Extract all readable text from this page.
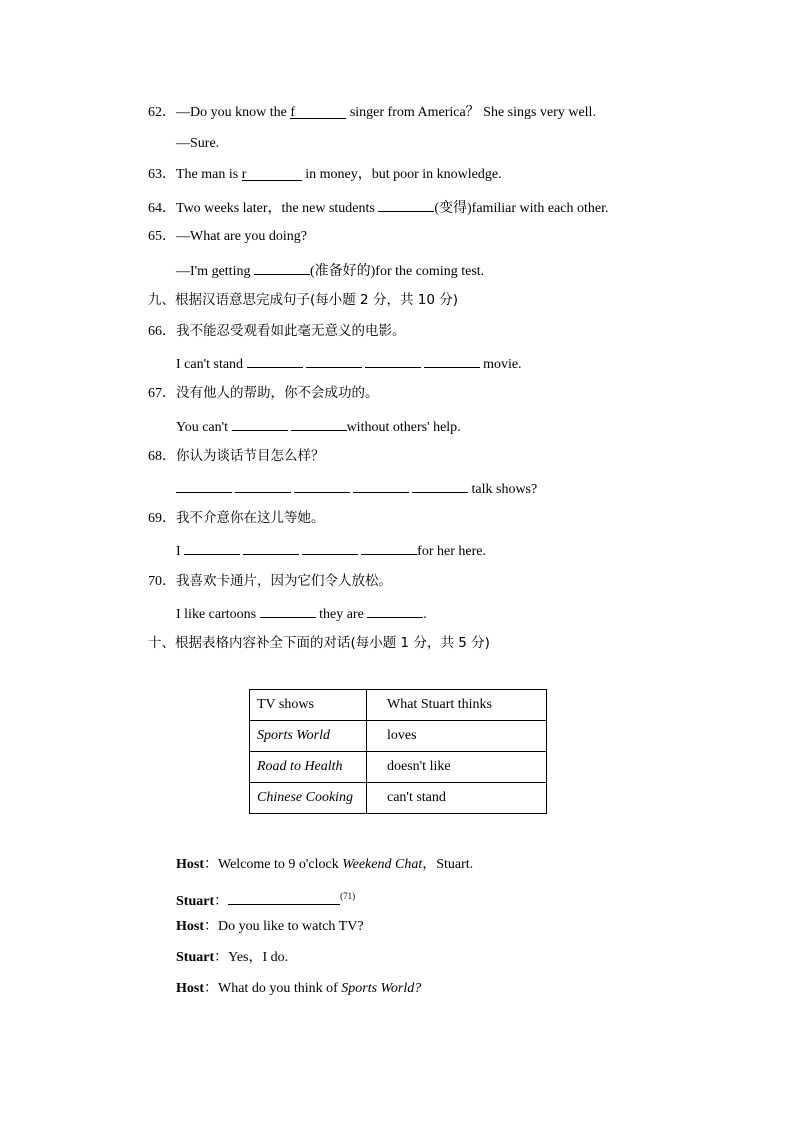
62．—Do you know the f	singer from America？ She sings very well.
—Sure.
63．The man is r	in money，but poor in knowledge.
64．Two weeks later，the new students	(变得)familiar with each other.
65．—What are you doing?
—I'm getting	(准备好的)for the coming test.
九、根据汉语意思完成句子(每小题 2 分，共 10 分)
66．我不能忍受观看如此毫无意义的电影。
I can't stand	movie.
67．没有他人的帮助，你不会成功的。
You can't	without others' help.
68．你认为谈话节目怎么样？
talk shows?
69．我不介意你在这儿等她。
I	for her here.
70．我喜欢卡通片，因为它们令人放松。
I like cartoons	they are	.
十、根据表格内容补全下面的对话(每小题 1 分，共 5 分)
TV shows	What Stuart thinks
Sports World	loves
Road to Health	doesn't like
Chinese Cooking	can't stand
Host：Welcome to 9 o'clock Weekend Chat，Stuart.
Stuart：	$^{(71)}$
Host：Do you like to watch TV?
Stuart：Yes，I do.
Host：What do you think of Sports World?
